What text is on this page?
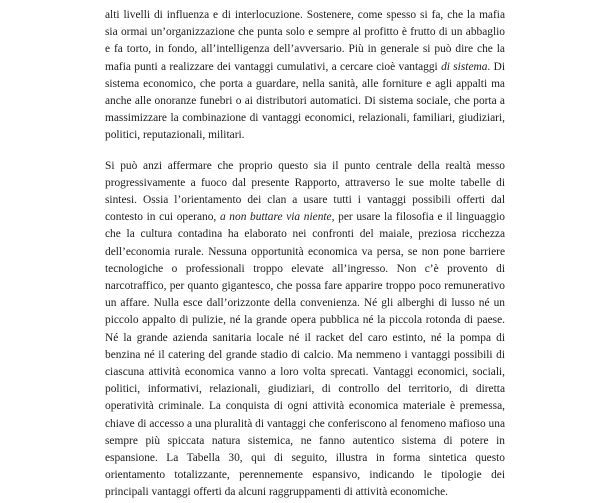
alti livelli di influenza e di interlocuzione. Sostenere, come spesso si fa, che la mafia sia ormai un’organizzazione che punta solo e sempre al profitto è frutto di un abbaglio e fa torto, in fondo, all’intelligenza dell’avversario. Più in generale si può dire che la mafia punti a realizzare dei vantaggi cumulativi, a cercare cioè vantaggi di sistema. Di sistema economico, che porta a guardare, nella sanità, alle forniture e agli appalti ma anche alle onoranze funebri o ai distributori automatici. Di sistema sociale, che porta a massimizzare la combinazione di vantaggi economici, relazionali, familiari, giudiziari, politici, reputazionali, militari.

Si può anzi affermare che proprio questo sia il punto centrale della realtà messo progressivamente a fuoco dal presente Rapporto, attraverso le sue molte tabelle di sintesi. Ossia l’orientamento dei clan a usare tutti i vantaggi possibili offerti dal contesto in cui operano, a non buttare via niente, per usare la filosofia e il linguaggio che la cultura contadina ha elaborato nei confronti del maiale, preziosa ricchezza dell’economia rurale. Nessuna opportunità economica va persa, se non pone barriere tecnologiche o professionali troppo elevate all’ingresso. Non c’è provento di narcotraffico, per quanto gigantesco, che possa fare apparire troppo poco remunerativo un affare. Nulla esce dall’orizzonte della convenienza. Né gli alberghi di lusso né un piccolo appalto di pulizie, né la grande opera pubblica né la piccola rotonda di paese. Né la grande azienda sanitaria locale né il racket del caro estinto, né la pompa di benzina né il catering del grande stadio di calcio. Ma nemmeno i vantaggi possibili di ciascuna attività economica vanno a loro volta sprecati. Vantaggi economici, sociali, politici, informativi, relazionali, giudiziari, di controllo del territorio, di diretta operatività criminale. La conquista di ogni attività economica materiale è premessa, chiave di accesso a una pluralità di vantaggi che conferiscono al fenomeno mafioso una sempre più spiccata natura sistemica, ne fanno autentico sistema di potere in espansione. La Tabella 30, qui di seguito, illustra in forma sintetica questo orientamento totalizzante, perennemente espansivo, indicando le tipologie dei principali vantaggi offerti da alcuni raggruppamenti di attività economiche.
